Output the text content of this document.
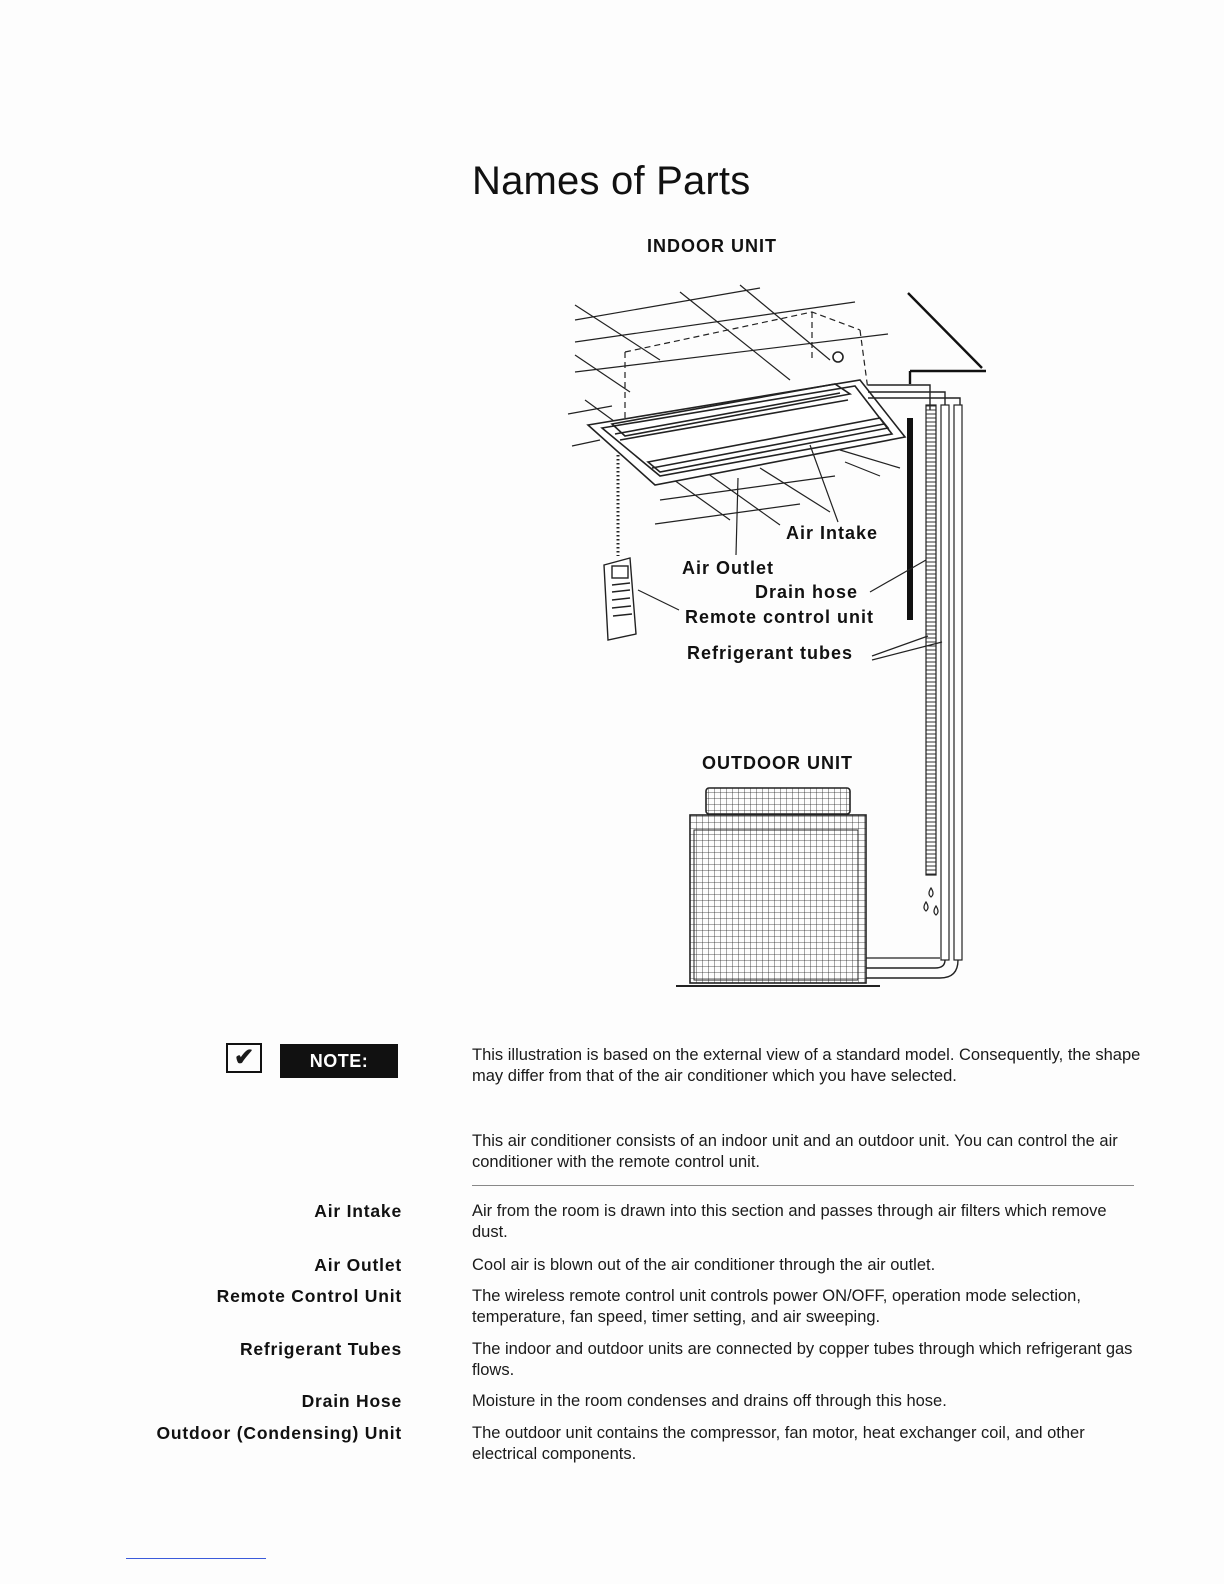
Names of Parts
INDOOR UNIT
Air Intake
Air Outlet
Drain hose
Remote control unit
Refrigerant tubes
OUTDOOR UNIT
✔	NOTE:	This illustration is based on the external view of a standard model. Consequently, the shape may differ from that of the air conditioner which you have selected.
This air conditioner consists of an indoor unit and an outdoor unit. You can control the air conditioner with the remote control unit.
Air Intake	Air from the room is drawn into this section and passes through air filters which remove dust.
Air Outlet	Cool air is blown out of the air conditioner through the air outlet.
Remote Control Unit	The wireless remote control unit controls power ON/OFF, operation mode selection, temperature, fan speed, timer setting, and air sweeping.
Refrigerant Tubes	The indoor and outdoor units are connected by copper tubes through which refrigerant gas flows.
Drain Hose	Moisture in the room condenses and drains off through this hose.
Outdoor (Condensing) Unit	The outdoor unit contains the compressor, fan motor, heat exchanger coil, and other electrical components.
